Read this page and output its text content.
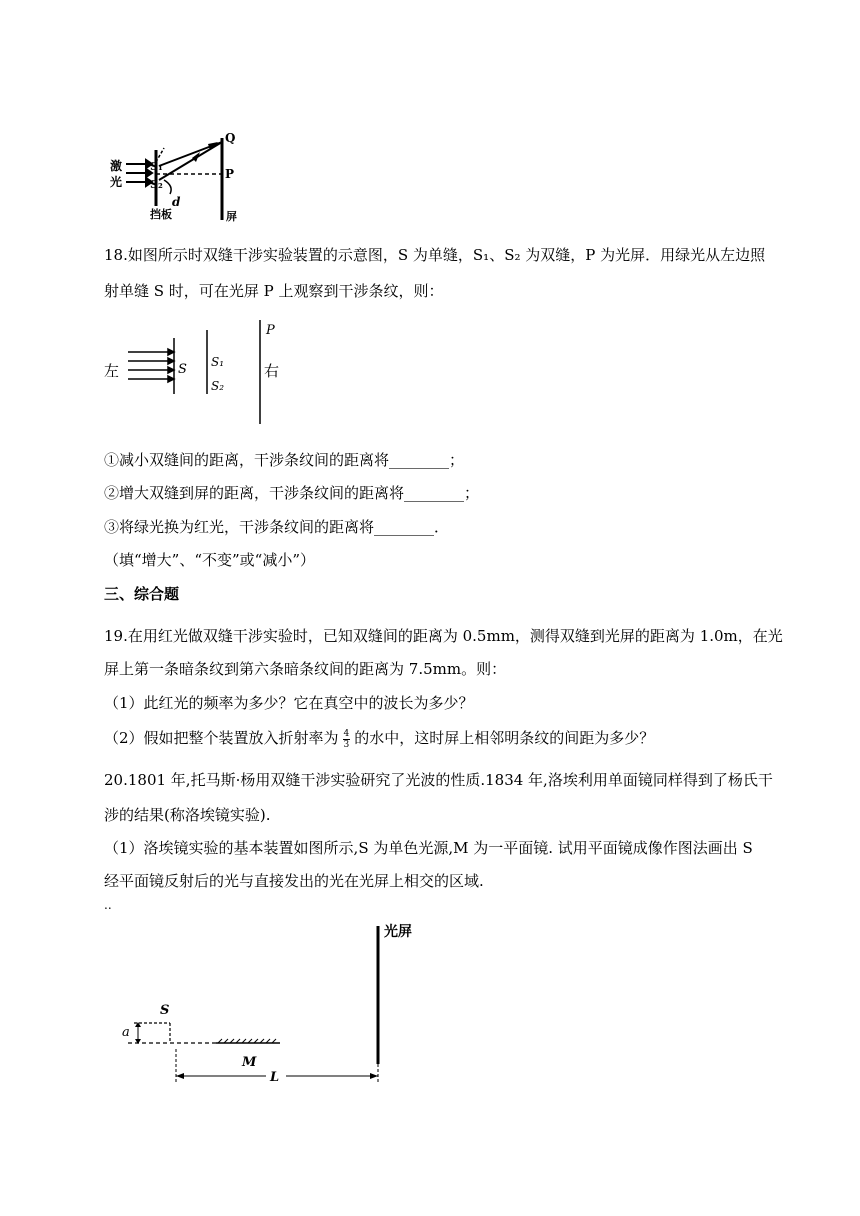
激
光
S₁
S₂
Q
P
d
挡板	屏
18.如图所示时双缝干涉实验装置的示意图，S 为单缝，S₁、S₂ 为双缝，P 为光屏．用绿光从左边照
射单缝 S 时，可在光屏 P 上观察到干涉条纹，则：
左	S S₁
S₂
P
右
①减小双缝间的距离，干涉条纹间的距离将________；
②增大双缝到屏的距离，干涉条纹间的距离将________；
③将绿光换为红光，干涉条纹间的距离将________．
（填“增大”、“不变”或“减小”）
三、综合题
19.在用红光做双缝干涉实验时，已知双缝间的距离为 0.5mm，测得双缝到光屏的距离为 1.0m，在光
屏上第一条暗条纹到第六条暗条纹间的距离为 7.5mm。则：
（1）此红光的频率为多少？它在真空中的波长为多少？
（2）假如把整个装置放入折射率为 $\frac{4}{3}$ 的水中，这时屏上相邻明条纹的间距为多少？
20.1801 年,托马斯·杨用双缝干涉实验研究了光波的性质.1834 年,洛埃利用单面镜同样得到了杨氏干
涉的结果(称洛埃镜实验).
（1）洛埃镜实验的基本装置如图所示,S 为单色光源,M 为一平面镜. 试用平面镜成像作图法画出 S
经平面镜反射后的光与直接发出的光在光屏上相交的区域.
..
光屏
S
a
M
L
